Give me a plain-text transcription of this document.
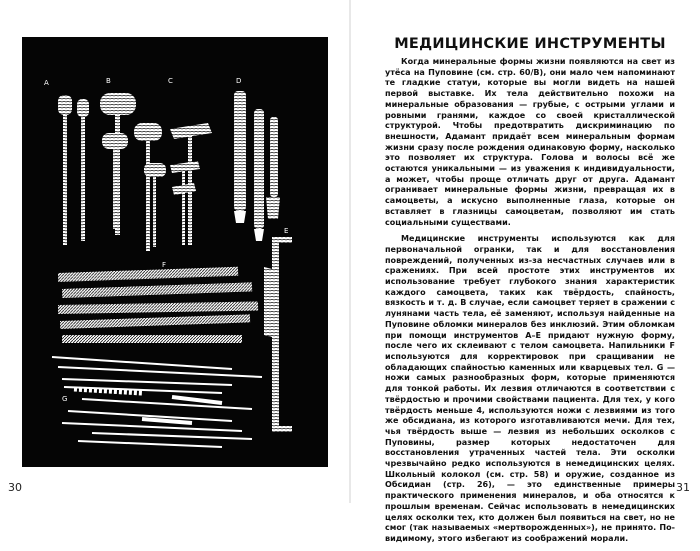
A	B	C	D
E
F
G
30
МЕДИЦИНСКИЕ ИНСТРУМЕНТЫ

Когда минеральные формы жизни появляются на свет из утёса на Пуповине (см. стр. 60/В), они мало чем напоминают те гладкие статуи, которые вы могли видеть на нашей первой выставке. Их тела действительно похожи на минеральные образования — грубые, с острыми углами и ровными гранями, каждое со своей кристаллической структурой. Чтобы предотвратить дискриминацию по внешности, Адамант придаёт всем минеральным формам жизни сразу после рождения одинаковую форму, насколько это позволяет их структура. Голова и волосы всё же остаются уникальными — из уважения к индивидуальности, а может, чтобы проще отличать друг от друга. Адамант огранивает минеральные формы жизни, превращая их в самоцветы, а искусно выполненные глаза, которые он вставляет в глазницы самоцветам, позволяют им стать социальными существами.

Медицинские инструменты используются как для первоначальной огранки, так и для восстановления повреждений, полученных из-за несчастных случаев или в сражениях. При всей простоте этих инструментов их использование требует глубокого знания характеристик каждого самоцвета, таких как твёрдость, спайность, вязкость и т. д. В случае, если самоцвет теряет в сражении с лунянами часть тела, её заменяют, используя найденные на Пуповине обломки минералов без инклюзий. Этим обломкам при помощи инструментов A–E придают нужную форму, после чего их склеивают с телом самоцвета. Напильники F используются для корректировок при сращивании не обладающих спайностью каменных или кварцевых тел. G — ножи самых разнообразных форм, которые применяются для тонкой работы. Их лезвия отличаются в соответствии с твёрдостью и прочими свойствами пациента. Для тех, у кого твёрдость меньше 4, используются ножи с лезвиями из того же обсидиана, из которого изготавливаются мечи. Для тех, чья твёрдость выше — лезвия из небольших осколков с Пуповины, размер которых недостаточен для восстановления утраченных частей тела. Эти осколки чрезвычайно редко используются в немедицинских целях. Школьный колокол (см. стр. 58) и оружие, созданное из Обсидиан (стр. 26), — это единственные примеры практического применения минералов, и оба относятся к прошлым временам. Сейчас использовать в немедицинских целях осколки тех, кто должен был появиться на свет, но не смог (так называемых «мертворожденных»), не принято. По-видимому, этого избегают из соображений морали.

31
